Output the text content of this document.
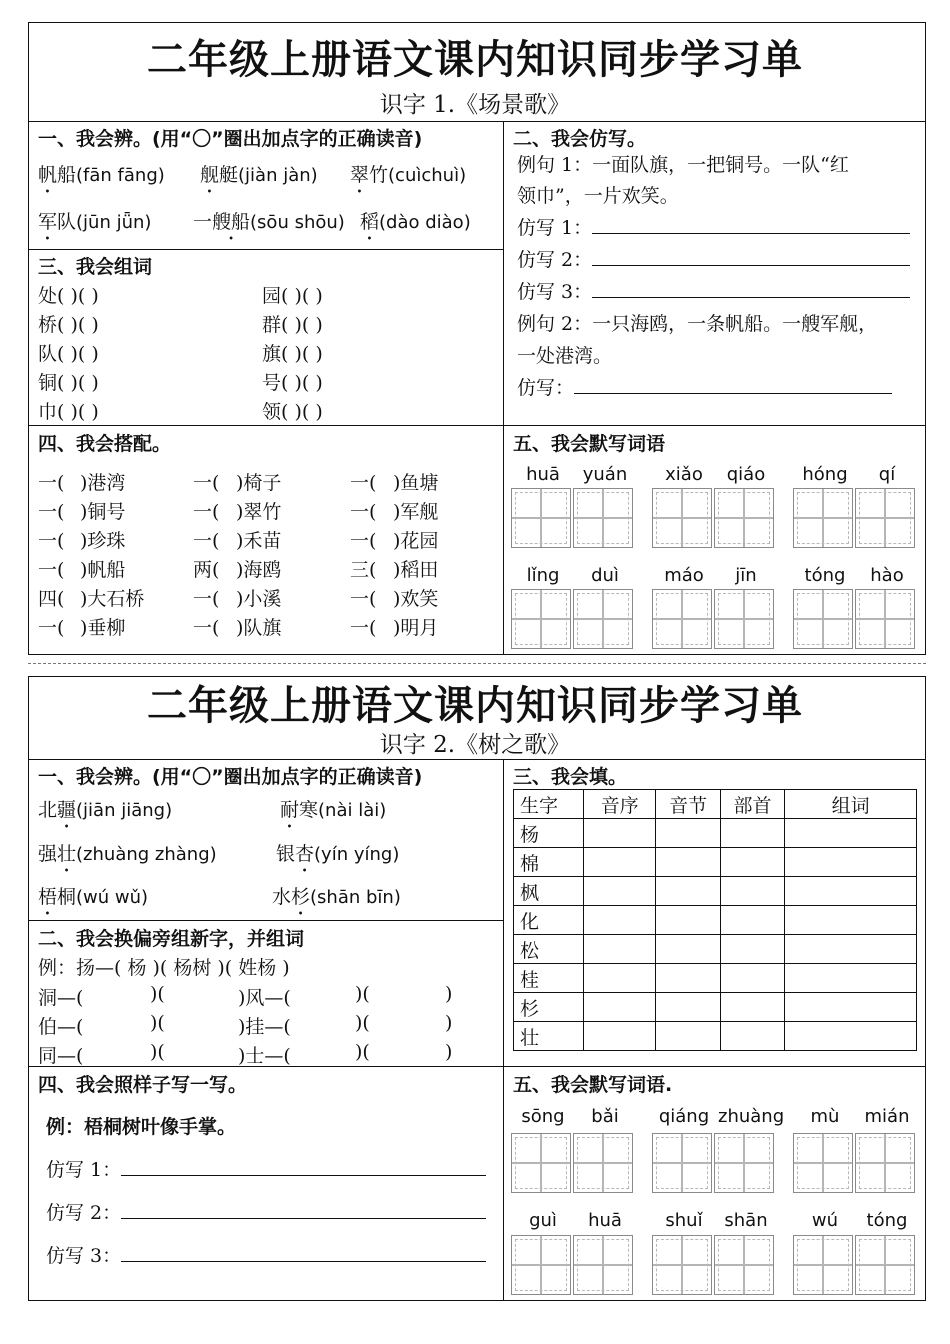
二年级上册语文课内知识同步学习单
识字 1.《场景歌》
一、我会辨。(用“〇”圈出加点字的正确读音)
帆船(fān fāng) 舰艇(jiàn jàn) 翠竹(cuìchuì)
军队(jūn jǖn) 一艘船(sōu shōu) 稻(dào diào)
三、我会组词
处( )( )	园( )( )
桥( )( )	群( )( )
队( )( )	旗( )( )
铜( )( )	号( )( )
巾( )( )	领( )( )
二、我会仿写。
例句 1：一面队旗，一把铜号。一队“红
领巾”，一片欢笑。
仿写 1：
仿写 2：
仿写 3：
例句 2：一只海鸥，一条帆船。一艘军舰，
一处港湾。
仿写：
四、我会搭配。
一( )港湾	一( )椅子	一( )鱼塘
一( )铜号	一( )翠竹	一( )军舰
一( )珍珠	一( )禾苗	一( )花园
一( )帆船	两( )海鸥	三( )稻田
四( )大石桥	一( )小溪	一( )欢笑
一( )垂柳	一( )队旗	一( )明月
五、我会默写词语
huā	yuán	xiǎo	qiáo	hóng	qí
lǐng	duì	máo	jīn	tóng	hào
二年级上册语文课内知识同步学习单
识字 2.《树之歌》
一、我会辨。(用“〇”圈出加点字的正确读音)
北疆(jiān jiāng)	耐寒(nài lài)
强壮(zhuàng zhàng)	银杏(yín yíng)
梧桐(wú wǔ)	水杉(shān bīn)
二、我会换偏旁组新字，并组词
例：扬—( 杨 )( 杨树 )( 姓杨 )
洞—(	)(	)风—(	)(	)
伯—(	)(	)挂—(	)(	)
同—(	)(	)士—(	)(	)
三、我会填。
生字	音序	音节	部首	组词
杨				
棉				
枫				
化				
松				
桂				
杉				
壮				
四、我会照样子写一写。
例：梧桐树叶像手掌。
仿写 1：
仿写 2：
仿写 3：
五、我会默写词语.
sōng	bǎi	qiáng zhuàng	mù	mián
guì	huā	shuǐ	shān	wú	tóng
